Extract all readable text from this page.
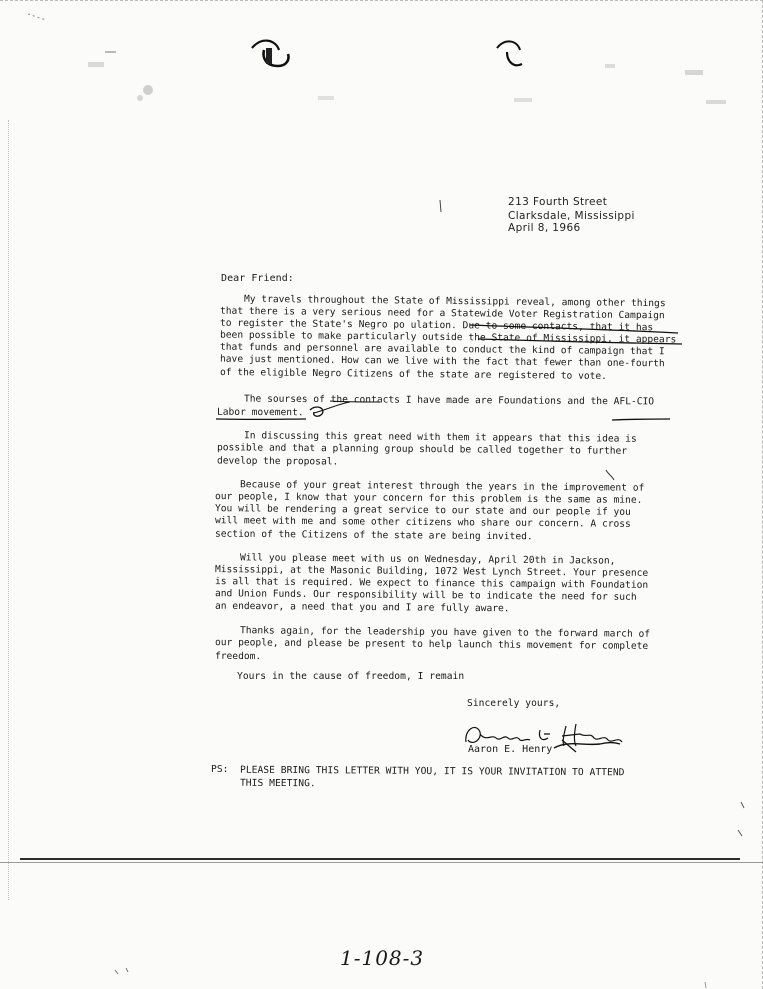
213 Fourth Street
Clarksdale, Mississippi
April 8, 1966
Dear Friend:
My travels throughout the State of Mississippi reveal, among other things
that there is a very serious need for a Statewide Voter Registration Campaign
to register the State's Negro po ulation. Due to some contacts, that it has
been possible to make particularly outside the State of Mississippi, it appears
that funds and personnel are available to conduct the kind of campaign that I
have just mentioned. How can we live with the fact that fewer than one-fourth
of the eligible Negro Citizens of the state are registered to vote.
The sourses of the contacts I have made are Foundations and the AFL-CIO
Labor movement.
In discussing this great need with them it appears that this idea is
possible and that a planning group should be called together to further
develop the proposal.
Because of your great interest through the years in the improvement of
our people, I know that your concern for this problem is the same as mine.
You will be rendering a great service to our state and our people if you
will meet with me and some other citizens who share our concern. A cross
section of the Citizens of the state are being invited.
Will you please meet with us on Wednesday, April 20th in Jackson,
Mississippi, at the Masonic Building, 1072 West Lynch Street. Your presence
is all that is required. We expect to finance this campaign with Foundation
and Union Funds. Our responsibility will be to indicate the need for such
an endeavor, a need that you and I are fully aware.
Thanks again, for the leadership you have given to the forward march of
our people, and please be present to help launch this movement for complete
freedom.
Yours in the cause of freedom, I remain
Sincerely yours,
Aaron E. Henry
PS: PLEASE BRING THIS LETTER WITH YOU, IT IS YOUR INVITATION TO ATTEND
THIS MEETING.
1-108-3
